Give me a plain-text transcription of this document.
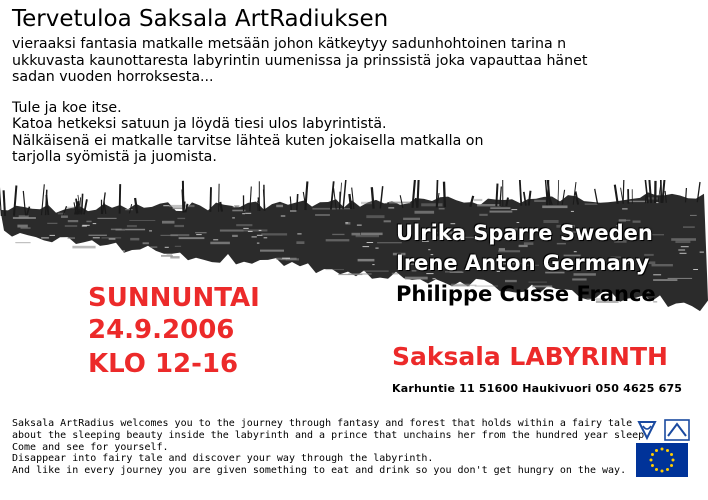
Tervetuloa Saksala ArtRadiuksen
vieraaksi fantasia matkalle metsään johon kätkeytyy sadunhohtoinen tarina n
ukkuvasta kaunottaresta labyrintin uumenissa ja prinssistä joka vapauttaa hänet
sadan vuoden horroksesta...
Tule ja koe itse.
Katoa hetkeksi satuun ja löydä tiesi ulos labyrintistä.
Nälkäisenä ei matkalle tarvitse lähteä kuten jokaisella matkalla on
tarjolla syömistä ja juomista.
Ulrika Sparre Sweden
Irene Anton Germany
Philippe Cusse France
SUNNUNTAI
24.9.2006
KLO 12-16	Saksala LABYRINTH
Karhuntie 11 51600 Haukivuori 050 4625 675
Saksala ArtRadius welcomes you to the journey through fantasy and forest that holds within a fairy tale
about the sleeping beauty inside the labyrinth and a prince that unchains her from the hundred year sleep.
Come and see for yourself.
Disappear into fairy tale and discover your way through the labyrinth.
And like in every journey you are given something to eat and drink so you don't get hungry on the way.
